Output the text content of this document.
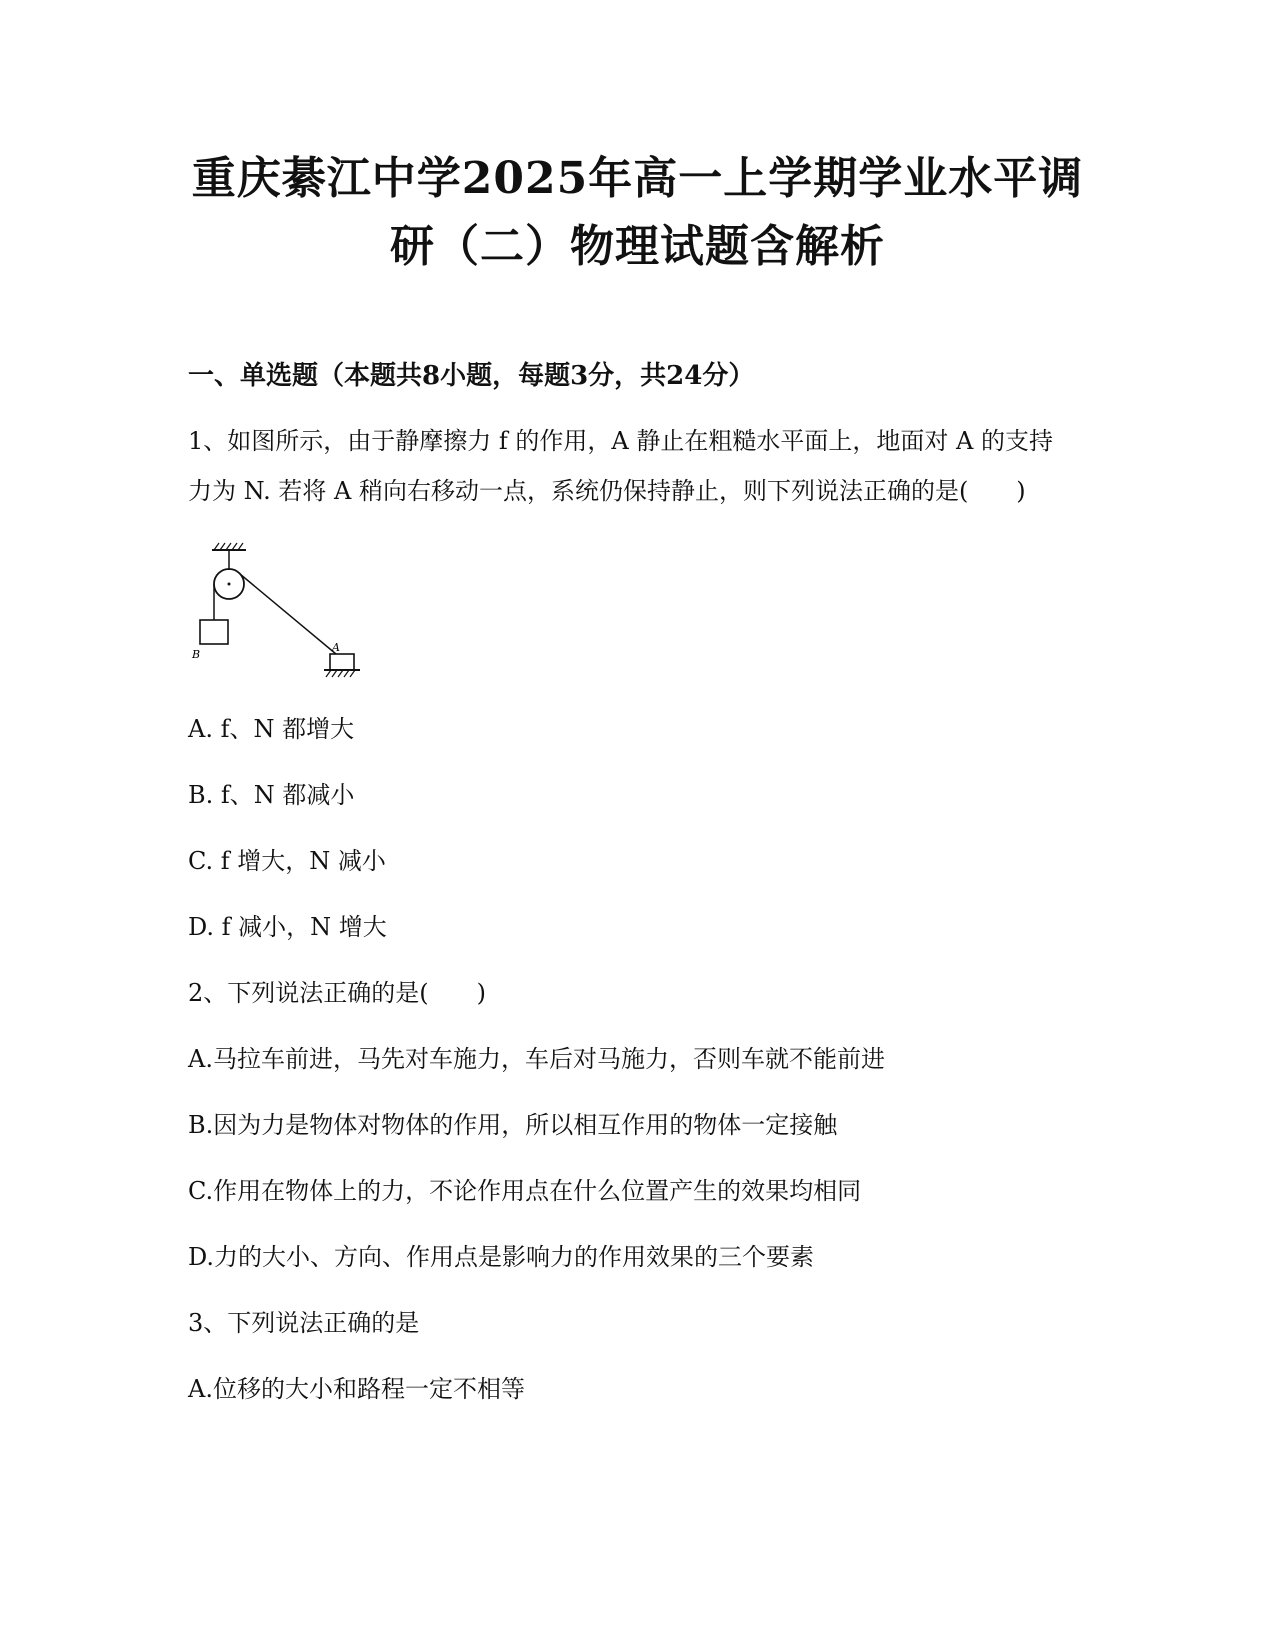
重庆綦江中学2025年高一上学期学业水平调
研（二）物理试题含解析
一、单选题（本题共8小题，每题3分，共24分）
1、如图所示，由于静摩擦力 f 的作用，A 静止在粗糙水平面上，地面对 A 的支持
力为 N. 若将 A 稍向右移动一点，系统仍保持静止，则下列说法正确的是(　　)
B
A
A. f、N 都增大
B. f、N 都减小
C. f 增大，N 减小
D. f 减小，N 增大
2、下列说法正确的是(　　)
A.马拉车前进，马先对车施力，车后对马施力，否则车就不能前进
B.因为力是物体对物体的作用，所以相互作用的物体一定接触
C.作用在物体上的力，不论作用点在什么位置产生的效果均相同
D.力的大小、方向、作用点是影响力的作用效果的三个要素
3、下列说法正确的是
A.位移的大小和路程一定不相等
